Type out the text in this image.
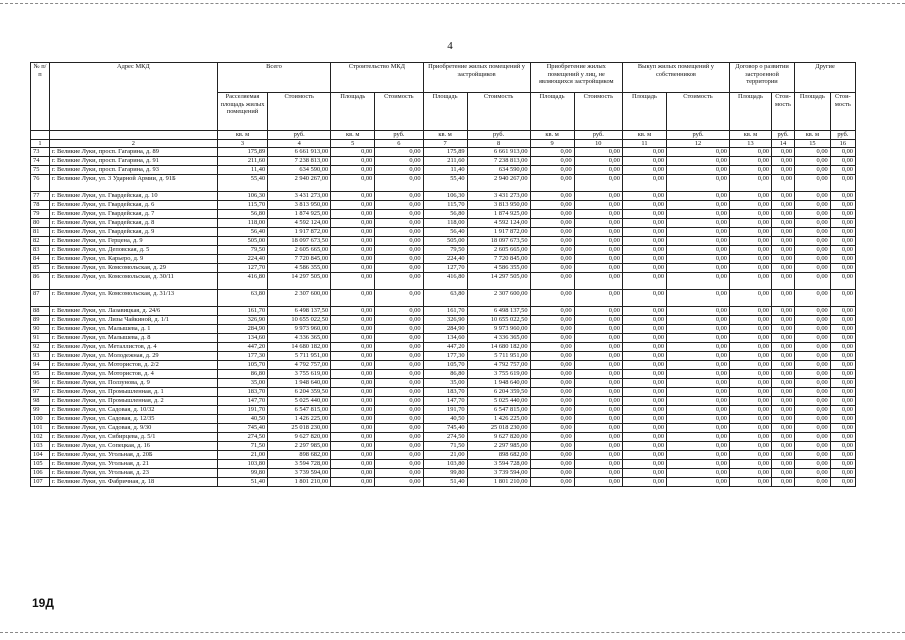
4
№ п/п	Адрес МКД	Всего		Строительство МКД		Приобретение жилых помещений у застройщиков		Приобретение жилых помещений у лиц, не являющихся застройщиком		Выкуп жилых помещений у собственников		Договор о развитии застроенной территории		Другие	
		Расселяемая площадь жилых помещений	Стоимость	Площадь	Стоимость	Площадь	Стоимость	Площадь	Стоимость	Площадь	Стоимость	Площадь	Стои- мость	Площадь	Стои- мость
		кв. м	руб.	кв. м	руб.	кв. м	руб.	кв. м	руб.	кв. м	руб.	кв. м	руб.	кв. м	руб.
1	2	3	4	5	6	7	8	9	10	11	12	13	14	15	16
73	г. Великие Луки, просп. Гагарина, д. 89	175,89	6 661 913,00	0,00	0,00	175,89	6 661 913,00	0,00	0,00	0,00	0,00	0,00	0,00	0,00	0,00
74	г. Великие Луки, просп. Гагарина, д. 91	211,60	7 238 813,00	0,00	0,00	211,60	7 238 813,00	0,00	0,00	0,00	0,00	0,00	0,00	0,00	0,00
75	г. Великие Луки, просп. Гагарина, д. 93	11,40	634 590,00	0,00	0,00	11,40	634 590,00	0,00	0,00	0,00	0,00	0,00	0,00	0,00	0,00
76	г. Великие Луки, ул. 3 Ударной Армии, д. 91Б	55,40	2 940 267,00	0,00	0,00	55,40	2 940 267,00	0,00	0,00	0,00	0,00	0,00	0,00	0,00	0,00
77	г. Великие Луки, ул. Гвардейская, д. 10	106,30	3 431 273,00	0,00	0,00	106,30	3 431 273,00	0,00	0,00	0,00	0,00	0,00	0,00	0,00	0,00
78	г. Великие Луки, ул. Гвардейская, д. 6	115,70	3 813 950,00	0,00	0,00	115,70	3 813 950,00	0,00	0,00	0,00	0,00	0,00	0,00	0,00	0,00
79	г. Великие Луки, ул. Гвардейская, д. 7	56,80	1 874 925,00	0,00	0,00	56,80	1 874 925,00	0,00	0,00	0,00	0,00	0,00	0,00	0,00	0,00
80	г. Великие Луки, ул. Гвардейская, д. 8	118,00	4 592 124,00	0,00	0,00	118,00	4 592 124,00	0,00	0,00	0,00	0,00	0,00	0,00	0,00	0,00
81	г. Великие Луки, ул. Гвардейская, д. 9	56,40	1 917 872,00	0,00	0,00	56,40	1 917 872,00	0,00	0,00	0,00	0,00	0,00	0,00	0,00	0,00
82	г. Великие Луки, ул. Герцена, д. 9	505,00	18 097 673,50	0,00	0,00	505,00	18 097 673,50	0,00	0,00	0,00	0,00	0,00	0,00	0,00	0,00
83	г. Великие Луки, ул. Деповская, д. 5	79,50	2 605 665,00	0,00	0,00	79,50	2 605 665,00	0,00	0,00	0,00	0,00	0,00	0,00	0,00	0,00
84	г. Великие Луки, ул. Карьеро, д. 9	224,40	7 720 845,00	0,00	0,00	224,40	7 720 845,00	0,00	0,00	0,00	0,00	0,00	0,00	0,00	0,00
85	г. Великие Луки, ул. Комсомольская, д. 29	127,70	4 586 355,00	0,00	0,00	127,70	4 586 355,00	0,00	0,00	0,00	0,00	0,00	0,00	0,00	0,00
86	г. Великие Луки, ул. Комсомольская, д. 30/11	416,80	14 297 505,00	0,00	0,00	416,80	14 297 505,00	0,00	0,00	0,00	0,00	0,00	0,00	0,00	0,00
87	г. Великие Луки, ул. Комсомольская, д. 31/13	63,80	2 307 600,00	0,00	0,00	63,80	2 307 600,00	0,00	0,00	0,00	0,00	0,00	0,00	0,00	0,00
88	г. Великие Луки, ул. Лазавицкая, д. 24/6	161,70	6 498 137,50	0,00	0,00	161,70	6 498 137,50	0,00	0,00	0,00	0,00	0,00	0,00	0,00	0,00
89	г. Великие Луки, ул. Лизы Чайкиной, д. 1/1	326,90	10 655 022,50	0,00	0,00	326,90	10 655 022,50	0,00	0,00	0,00	0,00	0,00	0,00	0,00	0,00
90	г. Великие Луки, ул. Малышева, д. 1	284,90	9 973 960,00	0,00	0,00	284,90	9 973 960,00	0,00	0,00	0,00	0,00	0,00	0,00	0,00	0,00
91	г. Великие Луки, ул. Малышева, д. 8	134,60	4 336 365,00	0,00	0,00	134,60	4 336 365,00	0,00	0,00	0,00	0,00	0,00	0,00	0,00	0,00
92	г. Великие Луки, ул. Металлистов, д. 4	447,20	14 680 182,00	0,00	0,00	447,20	14 680 182,00	0,00	0,00	0,00	0,00	0,00	0,00	0,00	0,00
93	г. Великие Луки, ул. Молодежная, д. 29	177,30	5 711 951,00	0,00	0,00	177,30	5 711 951,00	0,00	0,00	0,00	0,00	0,00	0,00	0,00	0,00
94	г. Великие Луки, ул. Мотористов, д. 2/2	105,70	4 792 757,00	0,00	0,00	105,70	4 792 757,00	0,00	0,00	0,00	0,00	0,00	0,00	0,00	0,00
95	г. Великие Луки, ул. Мотористов, д. 4	86,80	3 755 619,00	0,00	0,00	86,80	3 755 619,00	0,00	0,00	0,00	0,00	0,00	0,00	0,00	0,00
96	г. Великие Луки, ул. Ползунова, д. 9	35,00	1 948 640,00	0,00	0,00	35,00	1 948 640,00	0,00	0,00	0,00	0,00	0,00	0,00	0,00	0,00
97	г. Великие Луки, ул. Промышленная, д. 1	183,70	6 204 359,50	0,00	0,00	183,70	6 204 359,50	0,00	0,00	0,00	0,00	0,00	0,00	0,00	0,00
98	г. Великие Луки, ул. Промышленная, д. 2	147,70	5 025 440,00	0,00	0,00	147,70	5 025 440,00	0,00	0,00	0,00	0,00	0,00	0,00	0,00	0,00
99	г. Великие Луки, ул. Садовая, д. 10/32	191,70	6 547 815,00	0,00	0,00	191,70	6 547 815,00	0,00	0,00	0,00	0,00	0,00	0,00	0,00	0,00
100	г. Великие Луки, ул. Садовая, д. 12/35	40,50	1 426 225,00	0,00	0,00	40,50	1 426 225,00	0,00	0,00	0,00	0,00	0,00	0,00	0,00	0,00
101	г. Великие Луки, ул. Садовая, д. 9/30	745,40	25 018 230,00	0,00	0,00	745,40	25 018 230,00	0,00	0,00	0,00	0,00	0,00	0,00	0,00	0,00
102	г. Великие Луки, ул. Сибирцева, д. 5/1	274,50	9 627 820,00	0,00	0,00	274,50	9 627 820,00	0,00	0,00	0,00	0,00	0,00	0,00	0,00	0,00
103	г. Великие Луки, ул. Сопецкая, д. 16	71,50	2 297 985,00	0,00	0,00	71,50	2 297 985,00	0,00	0,00	0,00	0,00	0,00	0,00	0,00	0,00
104	г. Великие Луки, ул. Угольная, д. 20Б	21,00	898 682,00	0,00	0,00	21,00	898 682,00	0,00	0,00	0,00	0,00	0,00	0,00	0,00	0,00
105	г. Великие Луки, ул. Угольная, д. 21	103,80	3 594 728,00	0,00	0,00	103,80	3 594 728,00	0,00	0,00	0,00	0,00	0,00	0,00	0,00	0,00
106	г. Великие Луки, ул. Угольная, д. 23	99,80	3 739 594,00	0,00	0,00	99,80	3 739 594,00	0,00	0,00	0,00	0,00	0,00	0,00	0,00	0,00
107	г. Великие Луки, ул. Фабричная, д. 18	51,40	1 801 210,00	0,00	0,00	51,40	1 801 210,00	0,00	0,00	0,00	0,00	0,00	0,00	0,00	0,00
19Д
